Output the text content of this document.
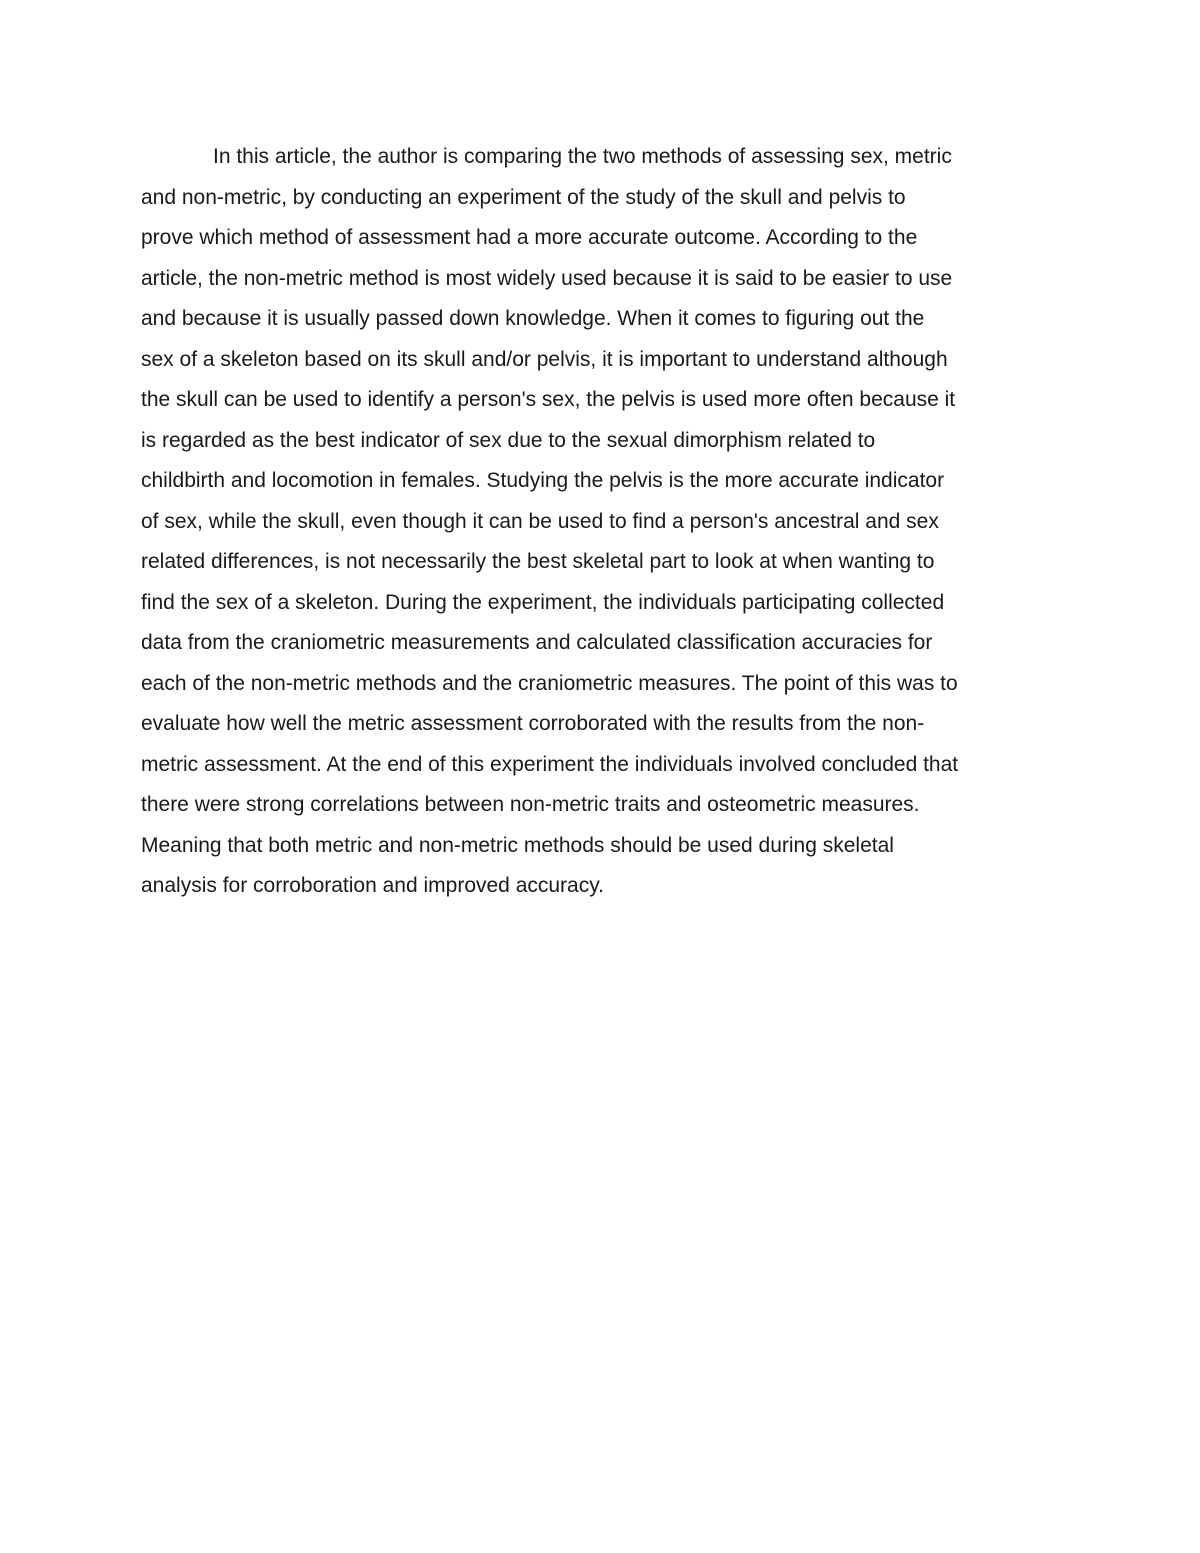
In this article, the author is comparing the two methods of assessing sex, metric
and non-metric, by conducting an experiment of the study of the skull and pelvis to
prove which method of assessment had a more accurate outcome. According to the
article, the non-metric method is most widely used because it is said to be easier to use
and because it is usually passed down knowledge. When it comes to figuring out the
sex of a skeleton based on its skull and/or pelvis, it is important to understand although
the skull can be used to identify a person's sex, the pelvis is used more often because it
is regarded as the best indicator of sex due to the sexual dimorphism related to
childbirth and locomotion in females. Studying the pelvis is the more accurate indicator
of sex, while the skull, even though it can be used to find a person's ancestral and sex
related differences, is not necessarily the best skeletal part to look at when wanting to
find the sex of a skeleton. During the experiment, the individuals participating collected
data from the craniometric measurements and calculated classification accuracies for
each of the non-metric methods and the craniometric measures. The point of this was to
evaluate how well the metric assessment corroborated with the results from the non-
metric assessment. At the end of this experiment the individuals involved concluded that
there were strong correlations between non-metric traits and osteometric measures.
Meaning that both metric and non-metric methods should be used during skeletal
analysis for corroboration and improved accuracy.
